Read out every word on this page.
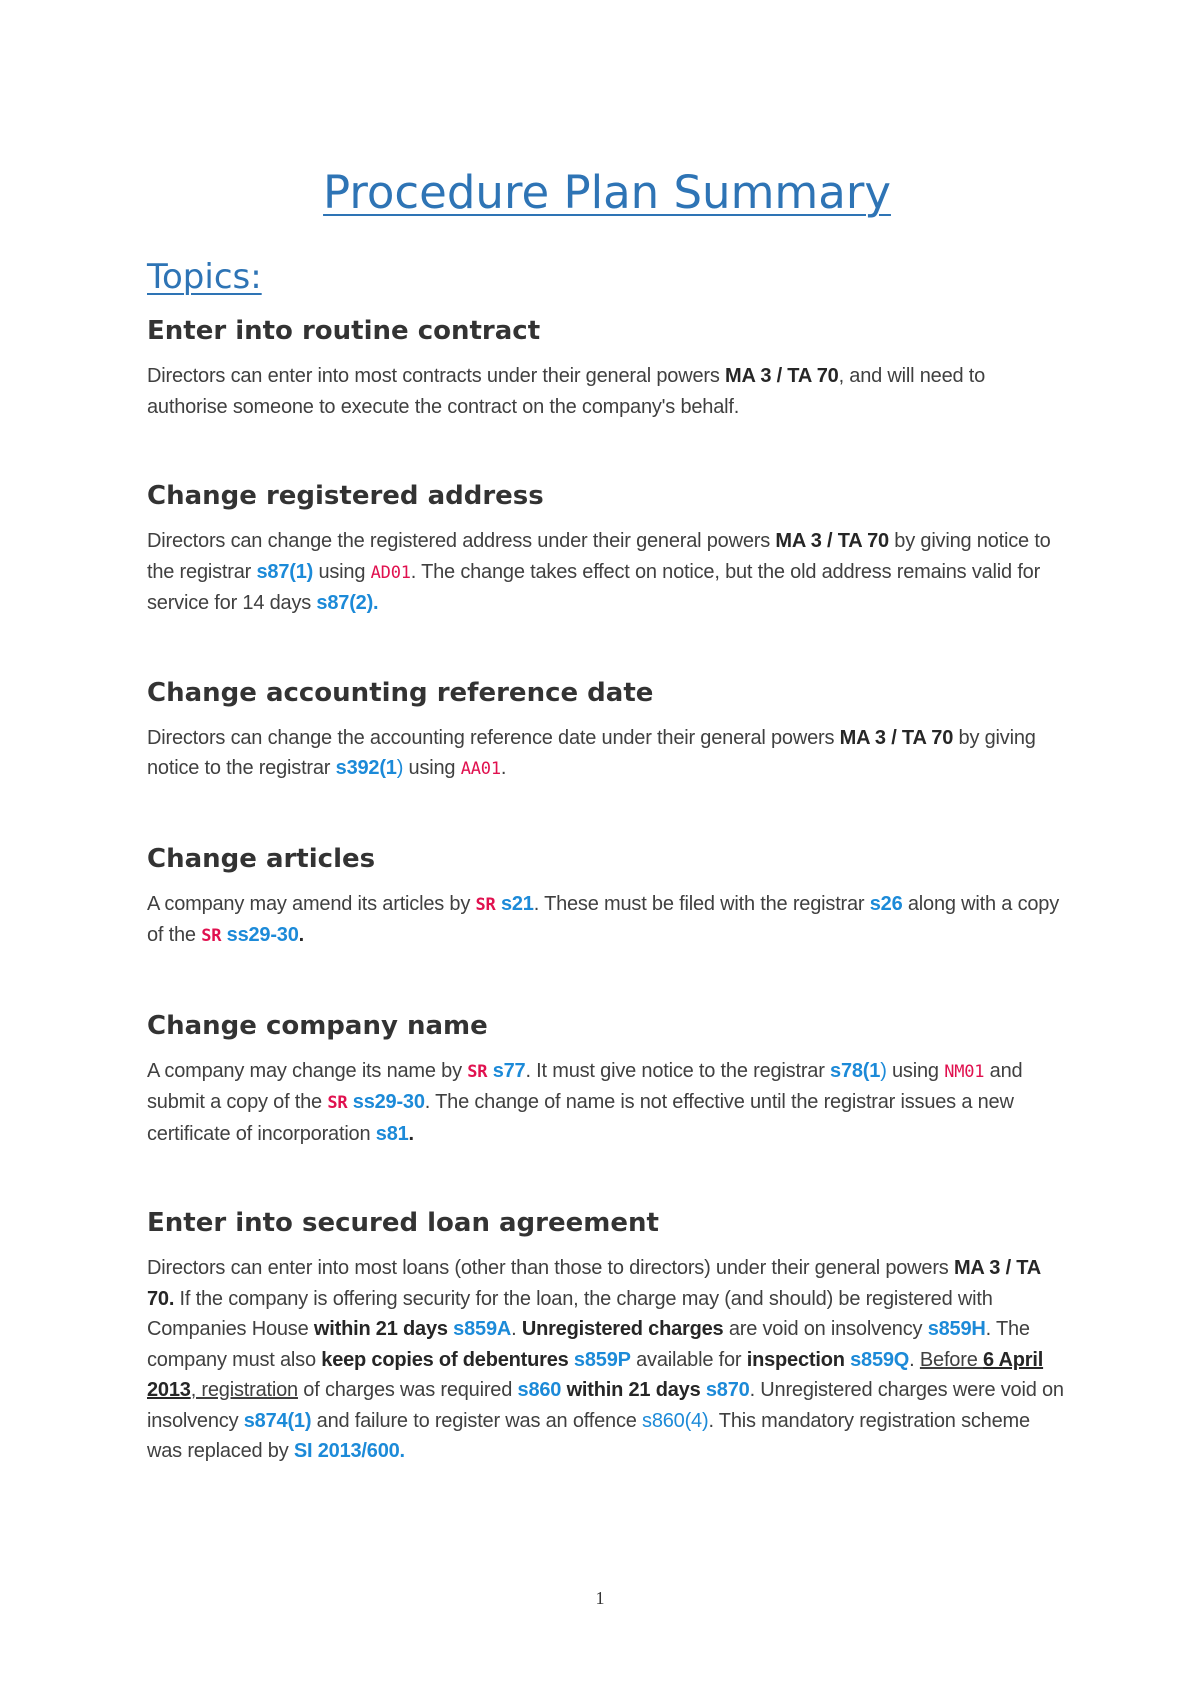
Procedure Plan Summary
Topics:
Enter into routine contract

Directors can enter into most contracts under their general powers MA 3 / TA 70, and will need to authorise someone to execute the contract on the company's behalf.

Change registered address

Directors can change the registered address under their general powers MA 3 / TA 70 by giving notice to the registrar s87(1) using AD01. The change takes effect on notice, but the old address remains valid for service for 14 days s87(2).

Change accounting reference date

Directors can change the accounting reference date under their general powers MA 3 / TA 70 by giving notice to the registrar s392(1) using AA01.

Change articles

A company may amend its articles by SR s21. These must be filed with the registrar s26 along with a copy of the SR ss29-30.

Change company name

A company may change its name by SR s77. It must give notice to the registrar s78(1) using NM01 and submit a copy of the SR ss29-30. The change of name is not effective until the registrar issues a new certificate of incorporation s81.

Enter into secured loan agreement

Directors can enter into most loans (other than those to directors) under their general powers MA 3 / TA 70. If the company is offering security for the loan, the charge may (and should) be registered with Companies House within 21 days s859A. Unregistered charges are void on insolvency s859H. The company must also keep copies of debentures s859P available for inspection s859Q. Before 6 April 2013, registration of charges was required s860 within 21 days s870. Unregistered charges were void on insolvency s874(1) and failure to register was an offence s860(4). This mandatory registration scheme was replaced by SI 2013/600.

1
